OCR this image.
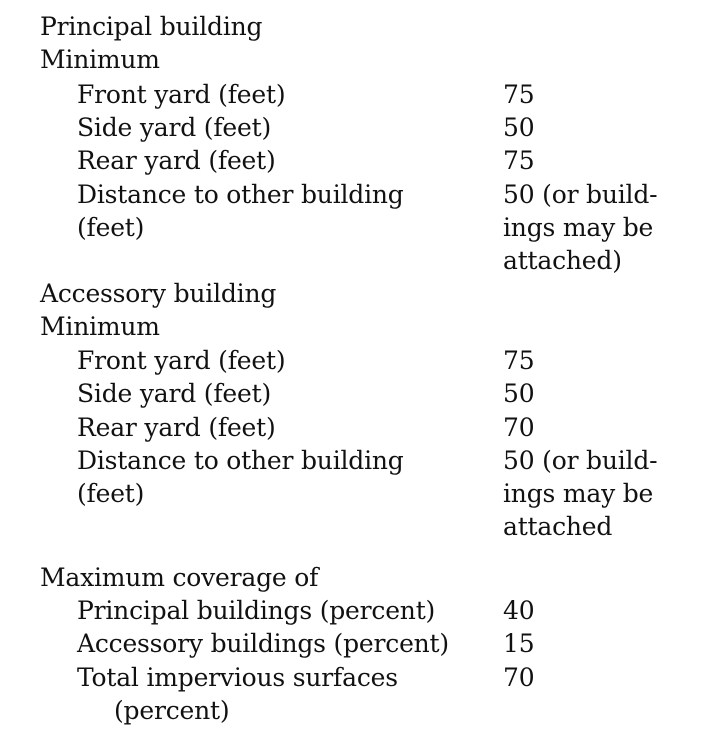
Principal building
Minimum
Front yard (feet)	75
Side yard (feet)	50
Rear yard (feet)	75
Distance to other building	50 (or build-
(feet)	ings may be
attached)
Accessory building
Minimum
Front yard (feet)	75
Side yard (feet)	50
Rear yard (feet)	70
Distance to other building	50 (or build-
(feet)	ings may be
attached
Maximum coverage of
Principal buildings (percent)	40
Accessory buildings (percent) 15
Total impervious surfaces	70
(percent)
